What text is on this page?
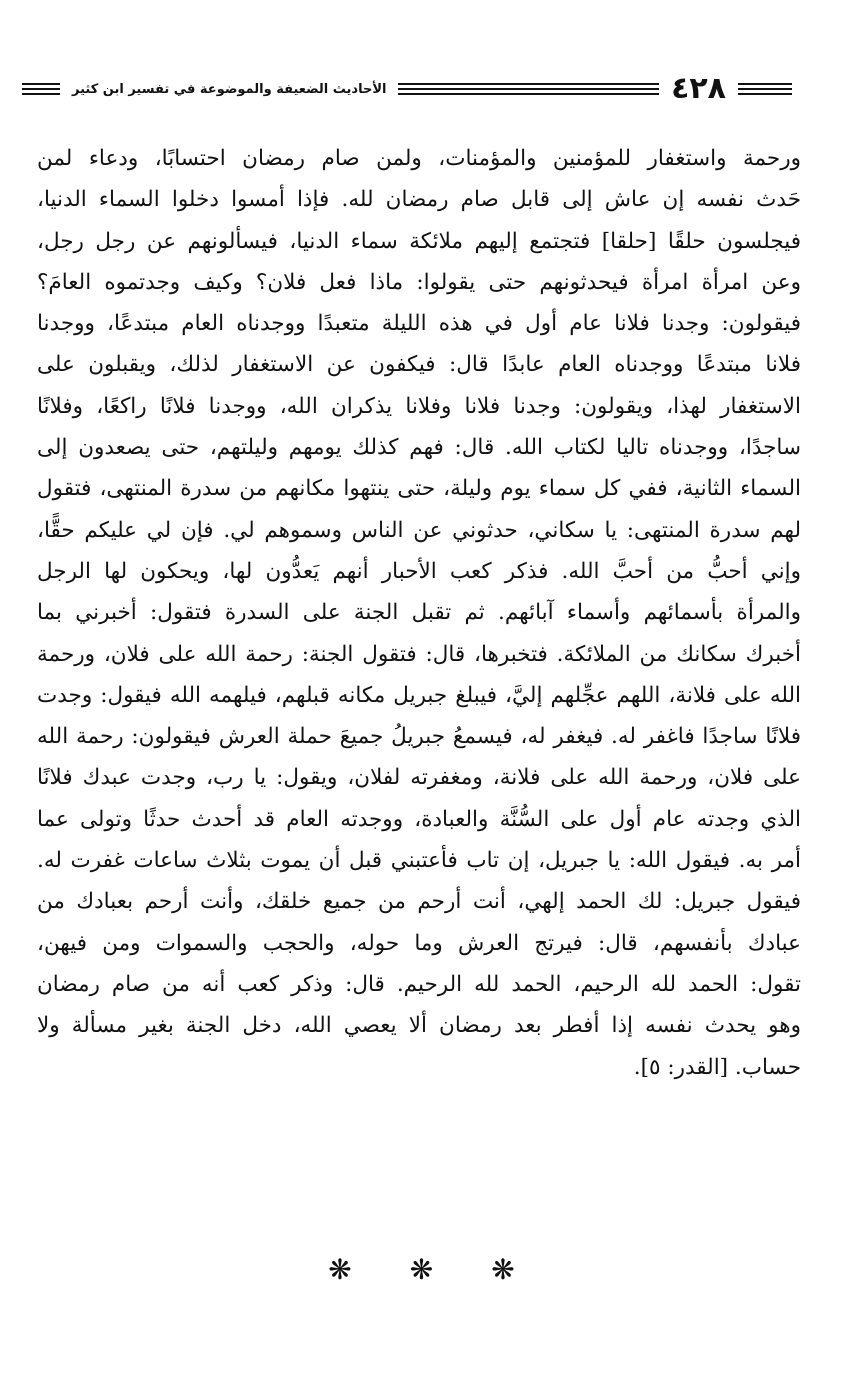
٤٢٨
الأحاديث الضعيفة والموضوعة في تفسير ابن كثير
ورحمة واستغفار للمؤمنين والمؤمنات، ولمن صام رمضان احتسابًا، ودعاء لمن
حَدث نفسه إن عاش إلى قابل صام رمضان لله. فإذا أمسوا دخلوا السماء الدنيا،
فيجلسون حلقًا [حلقا] فتجتمع إليهم ملائكة سماء الدنيا، فيسألونهم عن رجل رجل،
وعن امرأة امرأة فيحدثونهم حتى يقولوا: ماذا فعل فلان؟ وكيف وجدتموه العامَ؟
فيقولون: وجدنا فلانا عام أول في هذه الليلة متعبدًا ووجدناه العام مبتدعًا، ووجدنا
فلانا مبتدعًا ووجدناه العام عابدًا قال: فيكفون عن الاستغفار لذلك، ويقبلون على
الاستغفار لهذا، ويقولون: وجدنا فلانا وفلانا يذكران الله، ووجدنا فلانًا راكعًا، وفلانًا
ساجدًا، ووجدناه تاليا لكتاب الله. قال: فهم كذلك يومهم وليلتهم، حتى يصعدون إلى
السماء الثانية، ففي كل سماء يوم وليلة، حتى ينتهوا مكانهم من سدرة المنتهى، فتقول
لهم سدرة المنتهى: يا سكاني، حدثوني عن الناس وسموهم لي. فإن لي عليكم حقًّا،
وإني أحبُّ من أحبَّ الله. فذكر كعب الأحبار أنهم يَعدُّون لها، ويحكون لها الرجل
والمرأة بأسمائهم وأسماء آبائهم. ثم تقبل الجنة على السدرة فتقول: أخبرني بما
أخبرك سكانك من الملائكة. فتخبرها، قال: فتقول الجنة: رحمة الله على فلان، ورحمة
الله على فلانة، اللهم عجِّلهم إليَّ، فيبلغ جبريل مكانه قبلهم، فيلهمه الله فيقول: وجدت
فلانًا ساجدًا فاغفر له. فيغفر له، فيسمعُ جبريلُ جميعَ حملة العرش فيقولون: رحمة الله
على فلان، ورحمة الله على فلانة، ومغفرته لفلان، ويقول: يا رب، وجدت عبدك فلانًا
الذي وجدته عام أول على السُّنَّة والعبادة، ووجدته العام قد أحدث حدثًا وتولى عما
أمر به. فيقول الله: يا جبريل، إن تاب فأعتبني قبل أن يموت بثلاث ساعات غفرت له.
فيقول جبريل: لك الحمد إلهي، أنت أرحم من جميع خلقك، وأنت أرحم بعبادك من
عبادك بأنفسهم، قال: فيرتج العرش وما حوله، والحجب والسموات ومن فيهن،
تقول: الحمد لله الرحيم، الحمد لله الرحيم. قال: وذكر كعب أنه من صام رمضان
وهو يحدث نفسه إذا أفطر بعد رمضان ألا يعصي الله، دخل الجنة بغير مسألة ولا
حساب. [القدر: ٥].
❋
❋
❋
